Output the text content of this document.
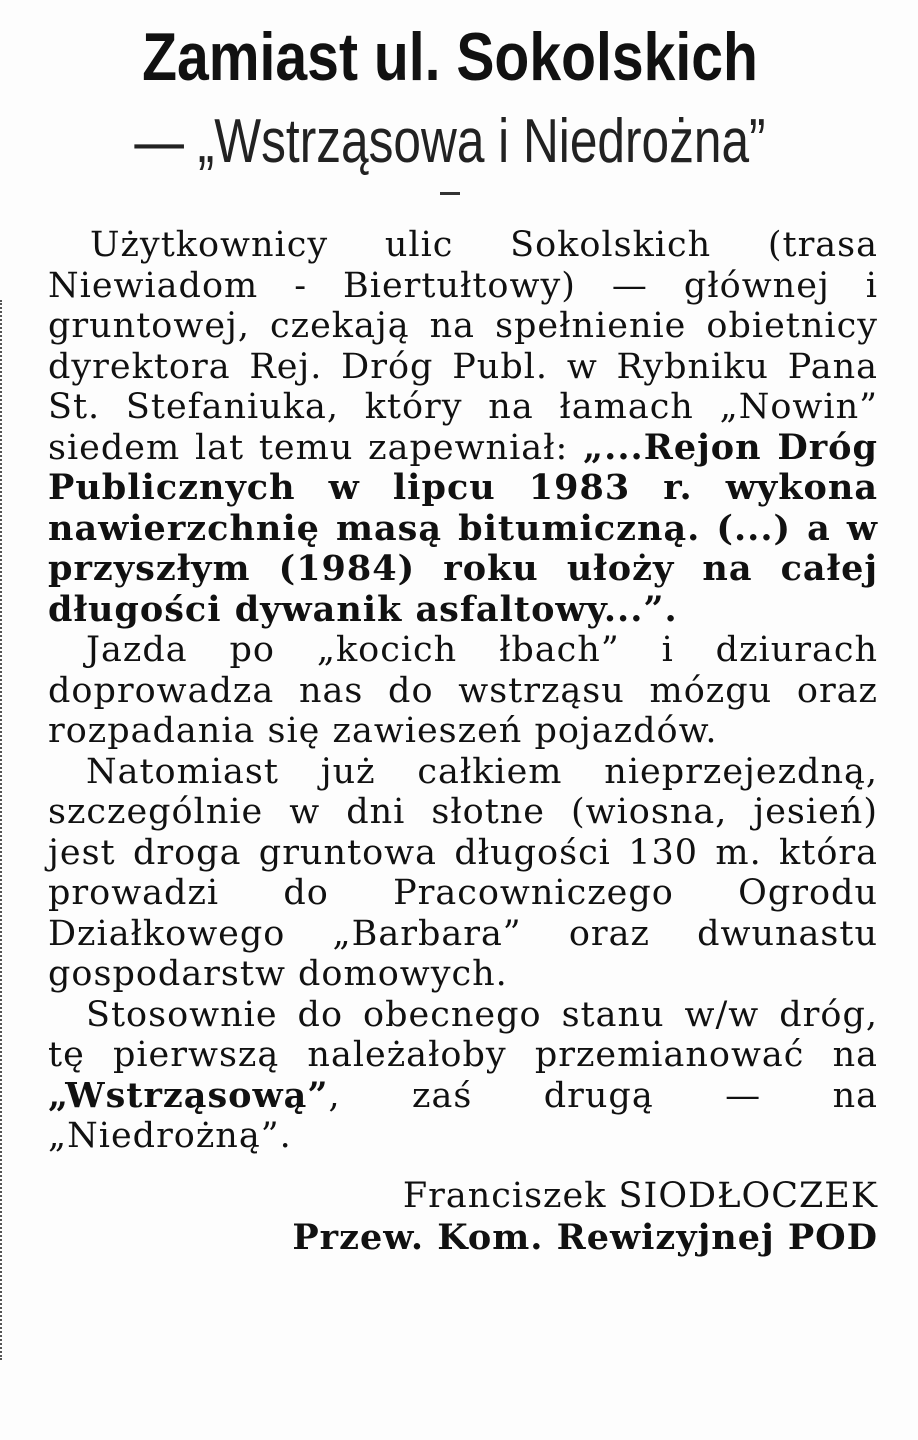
Zamiast ul. Sokolskich
— „Wstrząsowa i Niedrożna”

Użytkownicy ulic Sokolskich (trasa Niewiadom - Biertułtowy) — głównej i gruntowej, czekają na spełnienie obietnicy dyrektora Rej. Dróg Publ. w Rybniku Pana St. Stefaniuka, który na łamach „Nowin” siedem lat temu zapewniał: „...Rejon Dróg Publicznych w lipcu 1983 r. wykona nawierzchnię masą bitumiczną. (...) a w przyszłym (1984) roku ułoży na całej długości dywanik asfaltowy...”.

Jazda po „kocich łbach” i dziurach doprowadza nas do wstrząsu mózgu oraz rozpadania się zawieszeń pojazdów.

Natomiast już całkiem nieprzejezdną, szczególnie w dni słotne (wiosna, jesień) jest droga gruntowa długości 130 m. która prowadzi do Pracowniczego Ogrodu Działkowego „Barbara” oraz dwunastu gospodarstw domowych.

Stosownie do obecnego stanu w/w dróg, tę pierwszą należałoby przemianować na „Wstrząsową”, zaś drugą — na „Niedrożną”.

Franciszek SIODŁOCZEK
Przew. Kom. Rewizyjnej POD
